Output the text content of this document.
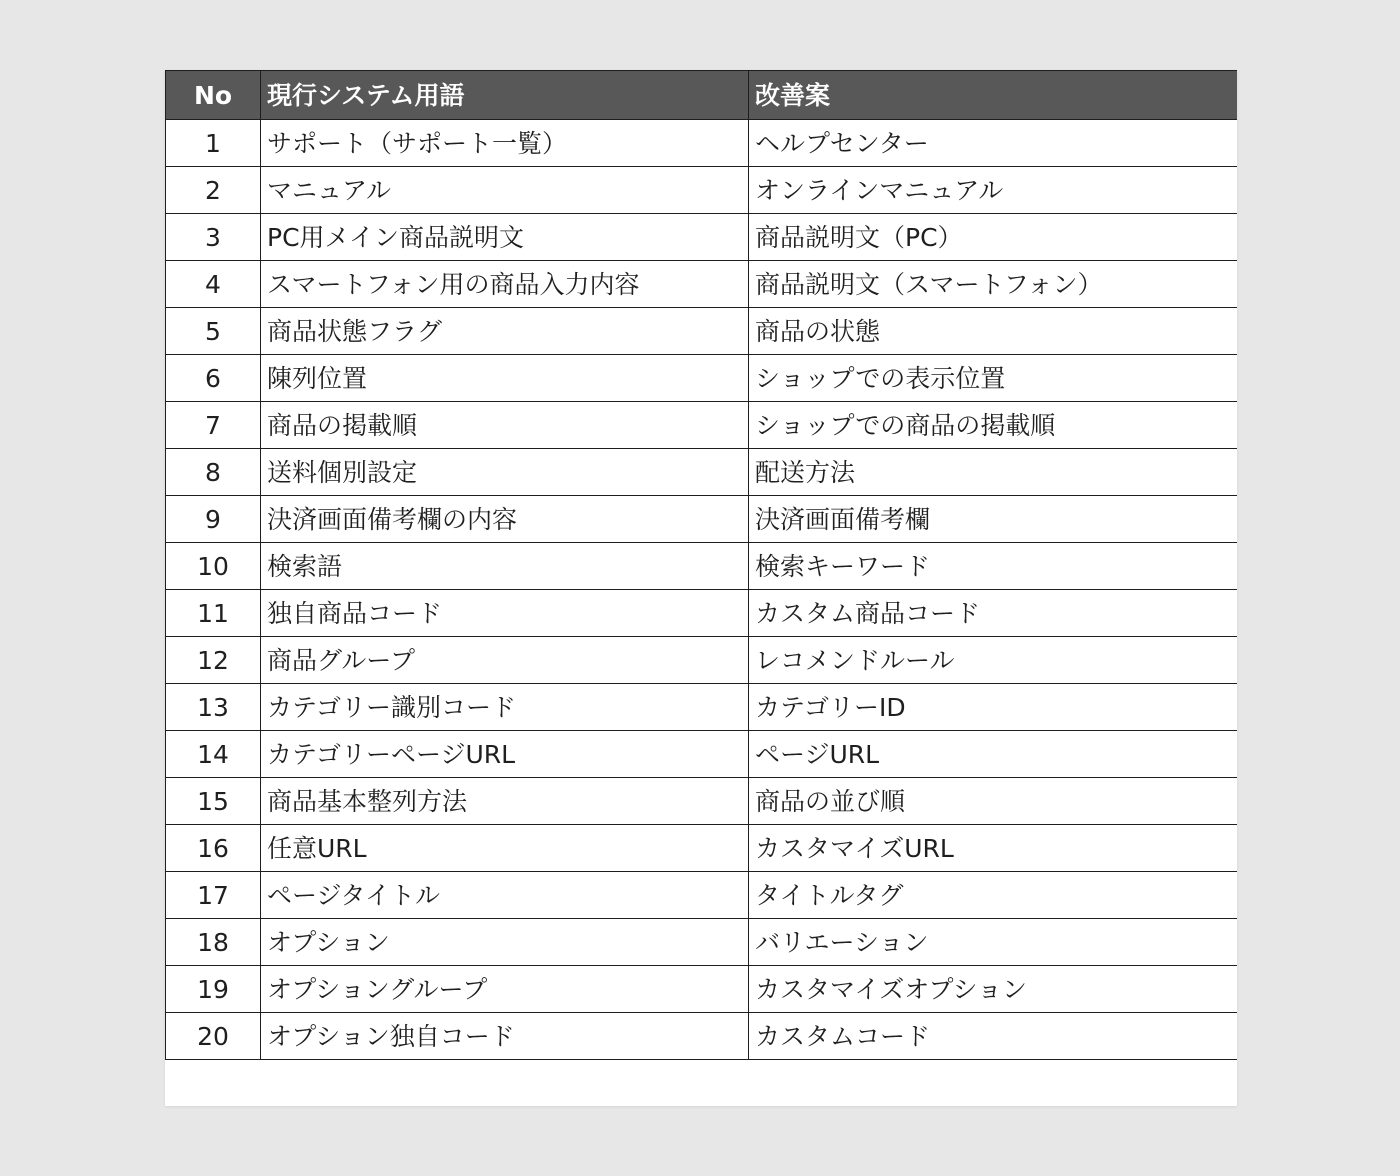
No	現行システム用語	改善案
1	サポート（サポート一覧）	ヘルプセンター
2	マニュアル	オンラインマニュアル
3	PC用メイン商品説明文	商品説明文（PC）
4	スマートフォン用の商品入力内容	商品説明文（スマートフォン）
5	商品状態フラグ	商品の状態
6	陳列位置	ショップでの表示位置
7	商品の掲載順	ショップでの商品の掲載順
8	送料個別設定	配送方法
9	決済画面備考欄の内容	決済画面備考欄
10	検索語	検索キーワード
11	独自商品コード	カスタム商品コード
12	商品グループ	レコメンドルール
13	カテゴリー識別コード	カテゴリーID
14	カテゴリーページURL	ページURL
15	商品基本整列方法	商品の並び順
16	任意URL	カスタマイズURL
17	ページタイトル	タイトルタグ
18	オプション	バリエーション
19	オプショングループ	カスタマイズオプション
20	オプション独自コード	カスタムコード
